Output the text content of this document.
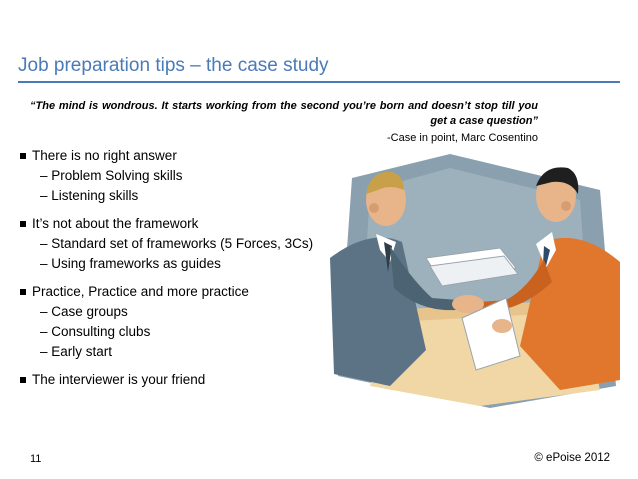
Job preparation tips – the case study
“The mind is wondrous. It starts working from the second you’re born and doesn’t stop till you get a case question”
-Case in point, Marc Cosentino
There is no right answer
– Problem Solving skills
– Listening skills
It’s not about the framework
– Standard set of frameworks (5 Forces, 3Cs)
– Using frameworks as guides
Practice, Practice and more practice
– Case groups
– Consulting clubs
– Early start
The interviewer is your friend
11	© ePoise 2012
